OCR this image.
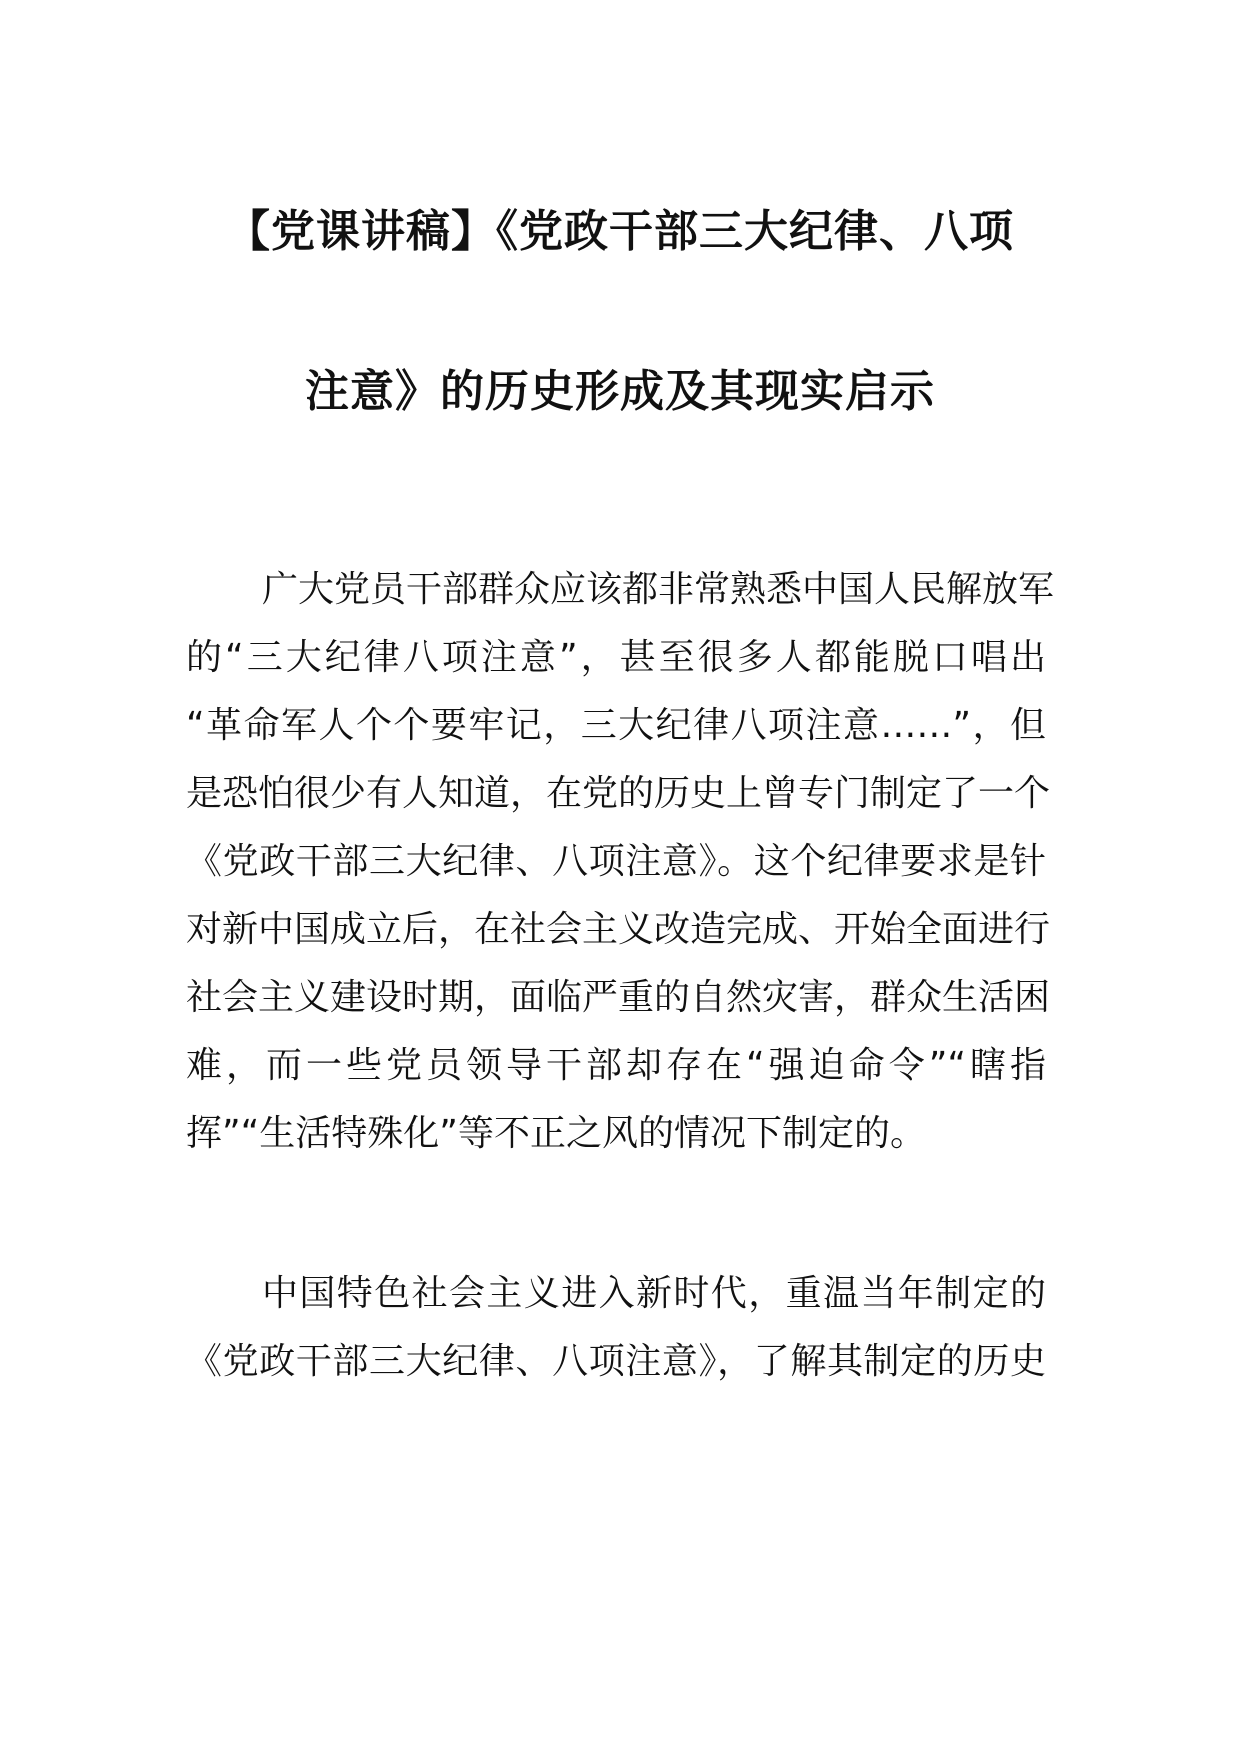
【党课讲稿】《党政干部三大纪律、八项
注意》的历史形成及其现实启示
广大党员干部群众应该都非常熟悉中国人民解放军
的“三大纪律八项注意”，甚至很多人都能脱口唱出
“革命军人个个要牢记，三大纪律八项注意……”，但
是恐怕很少有人知道，在党的历史上曾专门制定了一个
《党政干部三大纪律、八项注意》。这个纪律要求是针
对新中国成立后，在社会主义改造完成、开始全面进行
社会主义建设时期，面临严重的自然灾害，群众生活困
难，而一些党员领导干部却存在“强迫命令”“瞎指
挥”“生活特殊化”等不正之风的情况下制定的。
中国特色社会主义进入新时代，重温当年制定的
《党政干部三大纪律、八项注意》，了解其制定的历史
